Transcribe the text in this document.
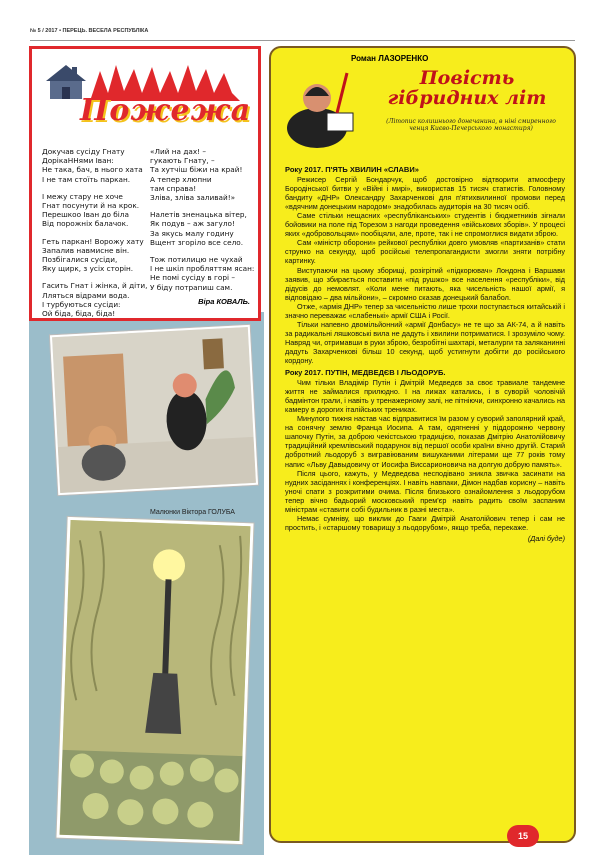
№ 5 / 2017 • ПЕРЕЦЬ. ВЕСЕЛА РЕСПУБЛІКА
Пожежа
Докучав сусіду Гнату
ДорікаННями Іван:
Не така, бач, в нього хата
І не там стоїть паркан.
І межу стару не хоче
Гнат посунути й на крок.
Перешкоо Іван до біла
Від порожніх балачок.
Геть паркан! Ворожу хату
Запалив навмисне він.
Позбігалися сусіди,
Яку щирк, з усіх сторін.
Гасить Гнат і жінка, й діти,
Лляться відрами вода.
І турбуються сусіди:
Ой біда, біда, біда!
«Лий на дах! –
гукають Гнату, –
Та хутчіш біжи на край!
А тепер хлюпни
там справа!
Зліва, зліва заливай!»
Налетів зненацька вітер,
Як подув – аж загуло!
За якусь малу годину
Вщент згоріло все село.
Тож потилицю не чухай
І не шкіл пробляттям ясан:
Не помі сусіду в горі –
У біду потрапиш сам.
Віра КОВАЛЬ.
Малюнки Віктора ГОЛУБА
Роман ЛАЗОРЕНКО
Повість
гібридних літ
(Літопис колишнього донечанина, в ніні смиренного ченця Києво-Печерського монастиря)
Року 2017. П'ЯТЬ ХВИЛИН «СЛАВИ»

Режисер Сергій Бондарчук, щоб достовірно відтворити атмосферу Бородінської битви у «Війні і мирі», використав 15 тисяч статистів. Головному бандиту «ДНР» Олександру Захарченкові для п'ятихвилинної промови перед «вдячним донецьким народом» знадобилась аудиторія на 30 тисяч осіб.

Саме стільки нещасних «республіканських» студентів і бюджетників зігнали бойовики на поле під Торезом з нагоди проведення «військових зборів». У процесі яких «добровольцям» пообіцяли, але, проте, так і не спромоглися видати зброю.

Сам «міністр оборони» рейкової республіки довго умовляв «партизанів» стати струнко на секунду, щоб російські телепропагандисти змогли зняти потрібну картинку.

Виступаючи на цьому зборищі, розігрітий «підкорювач» Лондона і Варшави заявив, що збирається поставити «під рушжо» все населення «республіки», від дідусів до немовлят. «Коли мене питають, яка чисельність нашої армії, я відповідаю – два мільйони», – скромно сказав донецький балабол.

Отже, «армія ДНР» тепер за чисельністю лише трохи поступається китайській і значно переважає «слабенькі» армії США і Росії.

Тільки напевно двомільйонний «армії Донбасу» не те що за АК-74, а й навіть за радикальні ляшковські вила не дадуть і хвилини потриматися. І зрозуміло чому. Навряд чи, отримавши в руки зброю, безробітні шахтарі, металурги та заляканинні дадуть Захарченкові більш 10 секунд, щоб устигнути добігти до російського кордону.

Року 2017. ПУТІН, МЕДВЕДЄВ І ЛЬОДОРУБ.

Чим тільки Владімір Путін і Дмітрій Медведєв за своє травиале тандемне життя не займалися прилюдно. І на лижах катались, і в суворій чоловічій бадмінтон грали, і навіть у тренажерному залі, не пітніючи, синхронно качались на камеру в дорогих італійських трениках.

Минулого тижня настав час відправитися їм разом у суворий заполярний край, на сонячну землю Франца Иосипа. А там, одягненні у піддорожню червону шапочку Путін, за доброю чекістською традицією, показав Дмітрію Анатолійовичу традиційний кремлівський подарунок від першої особи країни вічно другій. Старий добротний льодоруб з вигравіюваним вишуканими літерами ще 77 років тому напис «Льву Давыдовичу от Иосифа Виссарионовича на долгую добрую память».

Після цього, кажуть, у Медведєва несподівано зникла звичка засинати на нудних засіданнях і конференціях. І навіть навпаки, Дімон надбав корисну – навіть уночі спати з розкритими очима. Після близького ознайомлення з льодорубом тепер вічно бадьорий московський прем'єр навіть радить своїм заспаним міністрам «ставити собі будильник в разні места».

Немає сумніву, що виклик до Гааги Дмітрій Анатолійович тепер і сам не простить, і «старшому товарищу з льодорубом», якщо треба, перекаже.

(Далі буде)
15
